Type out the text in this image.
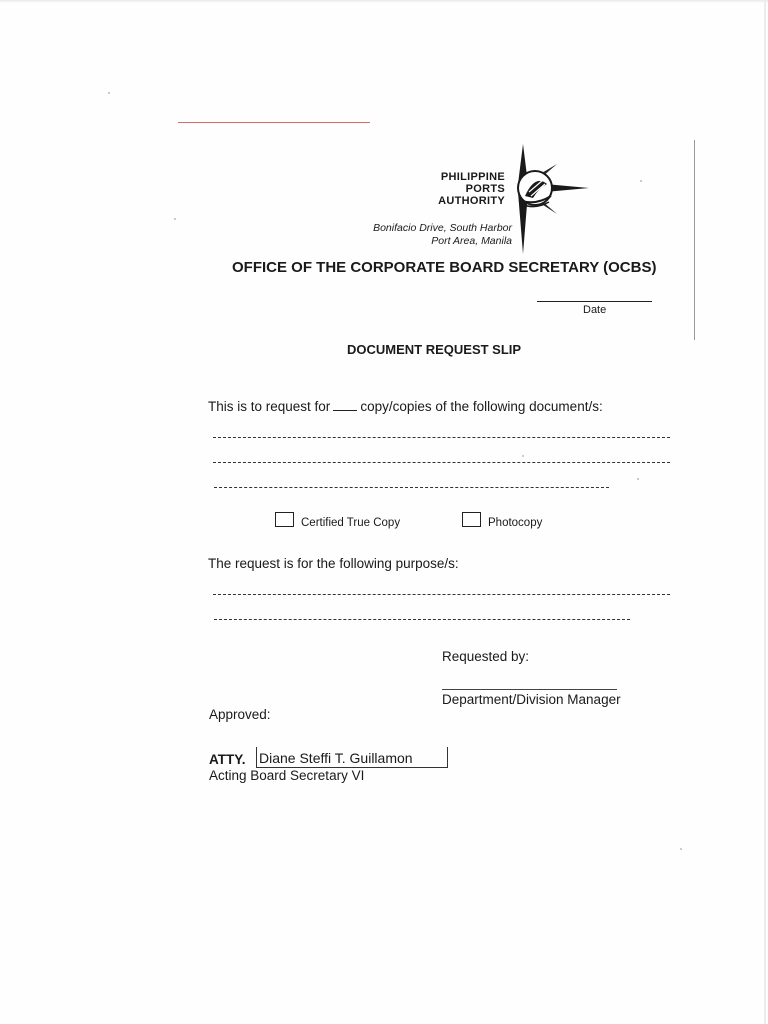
PHILIPPINE
PORTS
AUTHORITY
Bonifacio Drive, South Harbor
Port Area, Manila
OFFICE OF THE CORPORATE BOARD SECRETARY (OCBS)
Date
DOCUMENT REQUEST SLIP
This is to request for copy/copies of the following document/s:
Certified True Copy	Photocopy
The request is for the following purpose/s:
Requested by:
Department/Division Manager
Approved:
ATTY. Diane Steffi T. Guillamon
Acting Board Secretary VI
